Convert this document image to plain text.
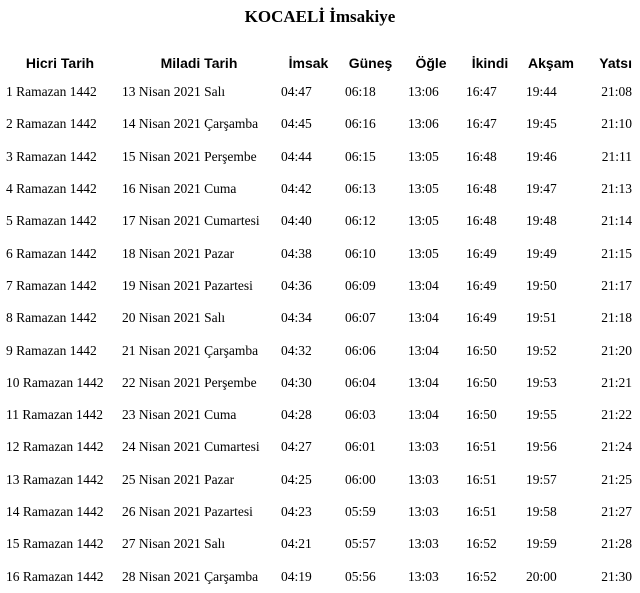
KOCAELİ İmsakiye
Hicri Tarih	Miladi Tarih	İmsak	Güneş	Öğle	İkindi	Akşam	Yatsı
1 Ramazan 1442	13 Nisan 2021 Salı	04:47	06:18	13:06	16:47	19:44	21:08
2 Ramazan 1442	14 Nisan 2021 Çarşamba	04:45	06:16	13:06	16:47	19:45	21:10
3 Ramazan 1442	15 Nisan 2021 Perşembe	04:44	06:15	13:05	16:48	19:46	21:11
4 Ramazan 1442	16 Nisan 2021 Cuma	04:42	06:13	13:05	16:48	19:47	21:13
5 Ramazan 1442	17 Nisan 2021 Cumartesi	04:40	06:12	13:05	16:48	19:48	21:14
6 Ramazan 1442	18 Nisan 2021 Pazar	04:38	06:10	13:05	16:49	19:49	21:15
7 Ramazan 1442	19 Nisan 2021 Pazartesi	04:36	06:09	13:04	16:49	19:50	21:17
8 Ramazan 1442	20 Nisan 2021 Salı	04:34	06:07	13:04	16:49	19:51	21:18
9 Ramazan 1442	21 Nisan 2021 Çarşamba	04:32	06:06	13:04	16:50	19:52	21:20
10 Ramazan 1442	22 Nisan 2021 Perşembe	04:30	06:04	13:04	16:50	19:53	21:21
11 Ramazan 1442	23 Nisan 2021 Cuma	04:28	06:03	13:04	16:50	19:55	21:22
12 Ramazan 1442	24 Nisan 2021 Cumartesi	04:27	06:01	13:03	16:51	19:56	21:24
13 Ramazan 1442	25 Nisan 2021 Pazar	04:25	06:00	13:03	16:51	19:57	21:25
14 Ramazan 1442	26 Nisan 2021 Pazartesi	04:23	05:59	13:03	16:51	19:58	21:27
15 Ramazan 1442	27 Nisan 2021 Salı	04:21	05:57	13:03	16:52	19:59	21:28
16 Ramazan 1442	28 Nisan 2021 Çarşamba	04:19	05:56	13:03	16:52	20:00	21:30
